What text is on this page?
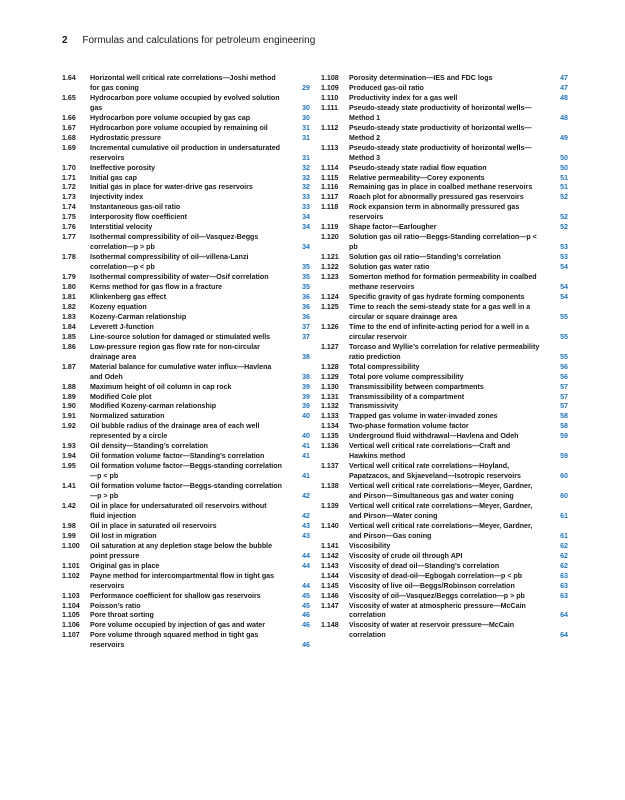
2 Formulas and calculations for petroleum engineering
1.64	Horizontal well critical rate correlations—Joshi method for gas coning	29
1.65	Hydrocarbon pore volume occupied by evolved solution gas	30
1.66	Hydrocarbon pore volume occupied by gas cap	30
1.67	Hydrocarbon pore volume occupied by remaining oil	31
1.68	Hydrostatic pressure	31
1.69	Incremental cumulative oil production in undersaturated reservoirs	31
1.70	Ineffective porosity	32
1.71	Initial gas cap	32
1.72	Initial gas in place for water-drive gas reservoirs	32
1.73	Injectivity index	33
1.74	Instantaneous gas-oil ratio	33
1.75	Interporosity flow coefficient	34
1.76	Interstitial velocity	34
1.77	Isothermal compressibility of oil—Vasquez-Beggs correlation—p > pb	34
1.78	Isothermal compressibility of oil—villena-Lanzi correlation—p < pb	35
1.79	Isothermal compressibility of water—Osif correlation	35
1.80	Kerns method for gas flow in a fracture	35
1.81	Klinkenberg gas effect	36
1.82	Kozeny equation	36
1.83	Kozeny-Carman relationship	36
1.84	Leverett J-function	37
1.85	Line-source solution for damaged or stimulated wells	37
1.86	Low-pressure region gas flow rate for non-circular drainage area	38
1.87	Material balance for cumulative water influx—Havlena and Odeh	38
1.88	Maximum height of oil column in cap rock	39
1.89	Modified Cole plot	39
1.90	Modified Kozeny-carman relationship	39
1.91	Normalized saturation	40
1.92	Oil bubble radius of the drainage area of each well represented by a circle	40
1.93	Oil density—Standing’s correlation	41
1.94	Oil formation volume factor—Standing’s correlation	41
1.95	Oil formation volume factor—Beggs-standing correlation—p < pb	41
1.41	Oil formation volume factor—Beggs-standing correlation—p > pb	42
1.42	Oil in place for undersaturated oil reservoirs without fluid injection	42
1.98	Oil in place in saturated oil reservoirs	43
1.99	Oil lost in migration	43
1.100	Oil saturation at any depletion stage below the bubble point pressure	44
1.101	Original gas in place	44
1.102	Payne method for intercompartmental flow in tight gas reservoirs	44
1.103	Performance coefficient for shallow gas reservoirs	45
1.104	Poisson’s ratio	45
1.105	Pore throat sorting	46
1.106	Pore volume occupied by injection of gas and water	46
1.107	Pore volume through squared method in tight gas reservoirs	46
1.108	Porosity determination—IES and FDC logs	47
1.109	Produced gas-oil ratio	47
1.110	Productivity index for a gas well	48
1.111	Pseudo-steady state productivity of horizontal wells—Method 1	48
1.112	Pseudo-steady state productivity of horizontal wells—Method 2	49
1.113	Pseudo-steady state productivity of horizontal wells—Method 3	50
1.114	Pseudo-steady state radial flow equation	50
1.115	Relative permeability—Corey exponents	51
1.116	Remaining gas in place in coalbed methane reservoirs	51
1.117	Roach plot for abnormally pressured gas reservoirs	52
1.118	Rock expansion term in abnormally pressured gas reservoirs	52
1.119	Shape factor—Earlougher	52
1.120	Solution gas oil ratio—Beggs-Standing correlation—p < pb	53
1.121	Solution gas oil ratio—Standing’s correlation	53
1.122	Solution gas water ratio	54
1.123	Somerton method for formation permeability in coalbed methane reservoirs	54
1.124	Specific gravity of gas hydrate forming components	54
1.125	Time to reach the semi-steady state for a gas well in a circular or square drainage area	55
1.126	Time to the end of infinite-acting period for a well in a circular reservoir	55
1.127	Torcaso and Wyllie’s correlation for relative permeability ratio prediction	55
1.128	Total compressibility	56
1.129	Total pore volume compressibility	56
1.130	Transmissibility between compartments	57
1.131	Transmissibility of a compartment	57
1.132	Transmissivity	57
1.133	Trapped gas volume in water-invaded zones	58
1.134	Two-phase formation volume factor	58
1.135	Underground fluid withdrawal—Havlena and Odeh	59
1.136	Vertical well critical rate correlations—Craft and Hawkins method	59
1.137	Vertical well critical rate correlations—Hoyland, Papatzacos, and Skjaeveland—Isotropic reservoirs	60
1.138	Vertical well critical rate correlations—Meyer, Gardner, and Pirson—Simultaneous gas and water coning	60
1.139	Vertical well critical rate correlations—Meyer, Gardner, and Pirson—Water coning	61
1.140	Vertical well critical rate correlations—Meyer, Gardner, and Pirson—Gas coning	61
1.141	Viscosibility	62
1.142	Viscosity of crude oil through API	62
1.143	Viscosity of dead oil—Standing’s correlation	62
1.144	Viscosity of dead-oil—Egbogah correlation—p < pb	63
1.145	Viscosity of live oil—Beggs/Robinson correlation	63
1.146	Viscosity of oil—Vasquez/Beggs correlation—p > pb	63
1.147	Viscosity of water at atmospheric pressure—McCain correlation	64
1.148	Viscosity of water at reservoir pressure—McCain correlation	64
